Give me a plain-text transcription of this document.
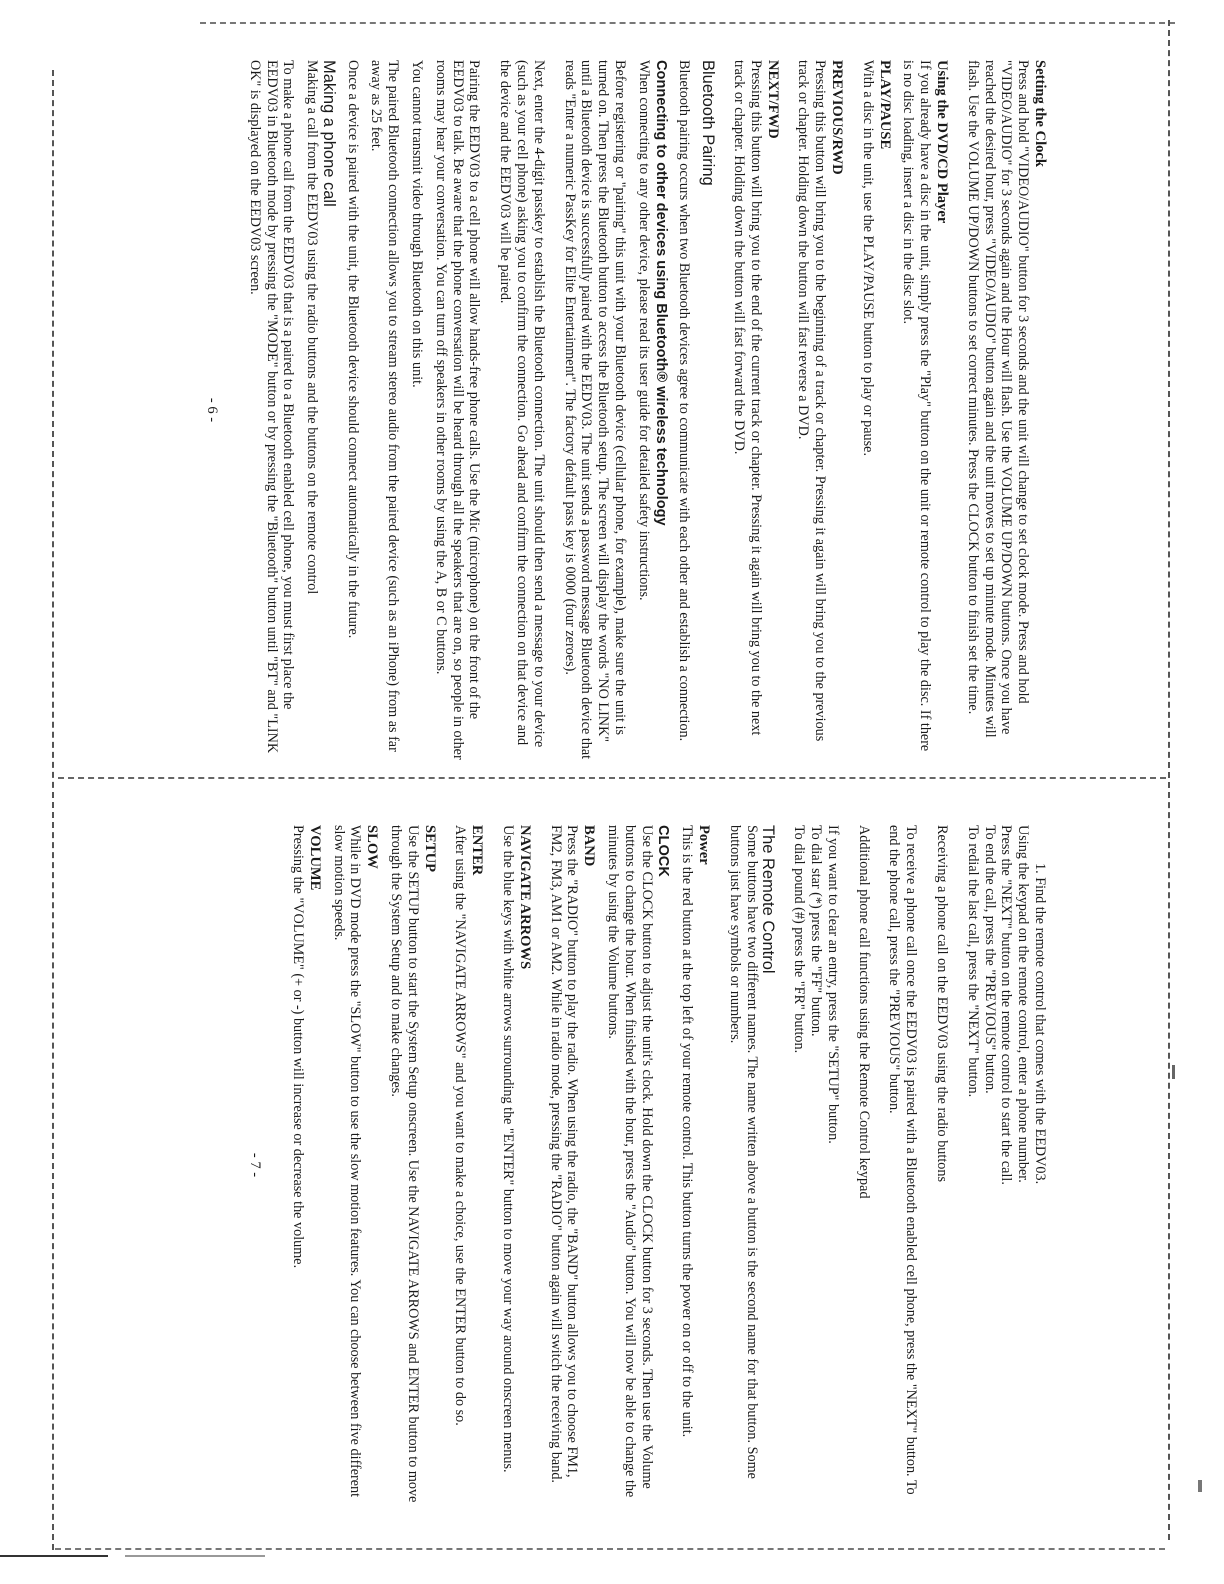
Setting the Clock

Press and hold "VIDEO/AUDIO" button for 3 seconds and the unit will change to set clock mode. Press and hold "VIDEO/AUDIO" for 3 seconds again and the Hour will flash. Use the VOLUME UP/DOWN buttons. Once you have reached the desired hour, press "VIDEO/AUDIO" button again and the unit moves to set up minute mode. Minutes will flash. Use the VOLUME UP/DOWN buttons to set correct minutes. Press the CLOCK button to finish set the time.

Using the DVD/CD Player

If you already have a disc in the unit, simply press the "Play" button on the unit or remote control to play the disc. If there is no disc loading, insert a disc in the disc slot.

PLAY/PAUSE

With a disc in the unit, use the PLAY/PAUSE button to play or pause.

PREVIOUS/RWD

Pressing this button will bring you to the beginning of a track or chapter. Pressing it again will bring you to the previous track or chapter. Holding down the button will fast reverse a DVD.

NEXT/FWD

Pressing this button will bring you to the end of the current track or chapter. Pressing it again will bring you to the next track or chapter. Holding down the button will fast forward the DVD.

Bluetooth Pairing

Bluetooth pairing occurs when two Bluetooth devices agree to communicate with each other and establish a connection.

Connecting to other devices using Bluetooth® wireless technology

When connecting to any other device, please read its user guide for detailed safety instructions.

Before registering or "pairing" this unit with your Bluetooth device (cellular phone, for example), make sure the unit is turned on. Then press the Bluetooth button to access the Bluetooth setup. The screen will display the words "NO LINK" until a Bluetooth device is successfully paired with the EEDV03. The unit sends a password message Bluetooth device that reads "Enter a numeric PassKey for Elite Entertainment". The factory default pass key is 0000 (four zeroes).

Next, enter the 4-digit passkey to establish the Bluetooth connection. The unit should then send a message to your device (such as your cell phone) asking you to confirm the connection. Go ahead and confirm the connection on that device and the device and the EEDV03 will be paired.

Pairing the EEDV03 to a cell phone will allow hands-free phone calls. Use the Mic (microphone) on the front of the EEDV03 to talk. Be aware that the phone conversation will be heard through all the speakers that are on, so people in other rooms may hear your conversation. You can turn off speakers in other rooms by using the A, B or C buttons.

You cannot transmit video through Bluetooth on this unit.

The paired Bluetooth connection allows you to stream stereo audio from the paired device (such as an iPhone) from as far away as 25 feet.

Once a device is paired with the unit, the Bluetooth device should connect automatically in the future.

Making a phone call

Making a call from the EEDV03 using the radio buttons and the buttons on the remote control

To make a phone call from the EEDV03 that is a paired to a Bluetooth enabled cell phone, you must first place the EEDV03 in Bluetooth mode by pressing the "MODE" button or by pressing the "Bluetooth" button until "BT" and "LINK OK" is displayed on the EEDV03 screen.

- 6 -

1. Find the remote control that comes with the EEDV03.

Using the keypad on the remote control, enter a phone number.

Press the "NEXT" button on the remote control to start the call.

To end the call, press the "PREVIOUS" button.

To redial the last call, press the "NEXT" button.

Receiving a phone call on the EEDV03 using the radio buttons

To receive a phone call once the EEDV03 is paired with a Bluetooth enabled cell phone, press the "NEXT" button. To end the phone call, press the "PREVIOUS" button.

Additional phone call functions using the Remote Control keypad

If you want to clear an entry, press the "SETUP" button.

To dial star (*) press the "FF" button.

To dial pound (#) press the "FR" button.

The Remote Control

Some buttons have two different names. The name written above a button is the second name for that button. Some buttons just have symbols or numbers.

Power

This is the red button at the top left of your remote control. This button turns the power on or off to the unit.

CLOCK

Use the CLOCK button to adjust the unit's clock. Hold down the CLOCK button for 3 seconds. Then use the Volume buttons to change the hour. When finished with the hour, press the "Audio" button. You will now be able to change the minutes by using the Volume buttons.

BAND

Press the "RADIO" button to play the radio. When using the radio, the "BAND" button allows you to choose FM1, FM2, FM3, AM1 or AM2. While in radio mode, pressing the "RADIO" button again will switch the receiving band.

NAVIGATE ARROWS

Use the blue keys with white arrows surrounding the "ENTER" button to move your way around onscreen menus.

ENTER

After using the "NAVIGATE ARROWS" and you want to make a choice, use the ENTER button to do so.

SETUP

Use the SETUP button to start the System Setup onscreen. Use the NAVIGATE ARROWS and ENTER button to move through the System Setup and to make changes.

SLOW

While in DVD mode press the "SLOW" button to use the slow motion features. You can choose between five different slow motion speeds.

VOLUME

Pressing the "VOLUME" (+ or -) button will increase or decrease the volume.

- 7 -
